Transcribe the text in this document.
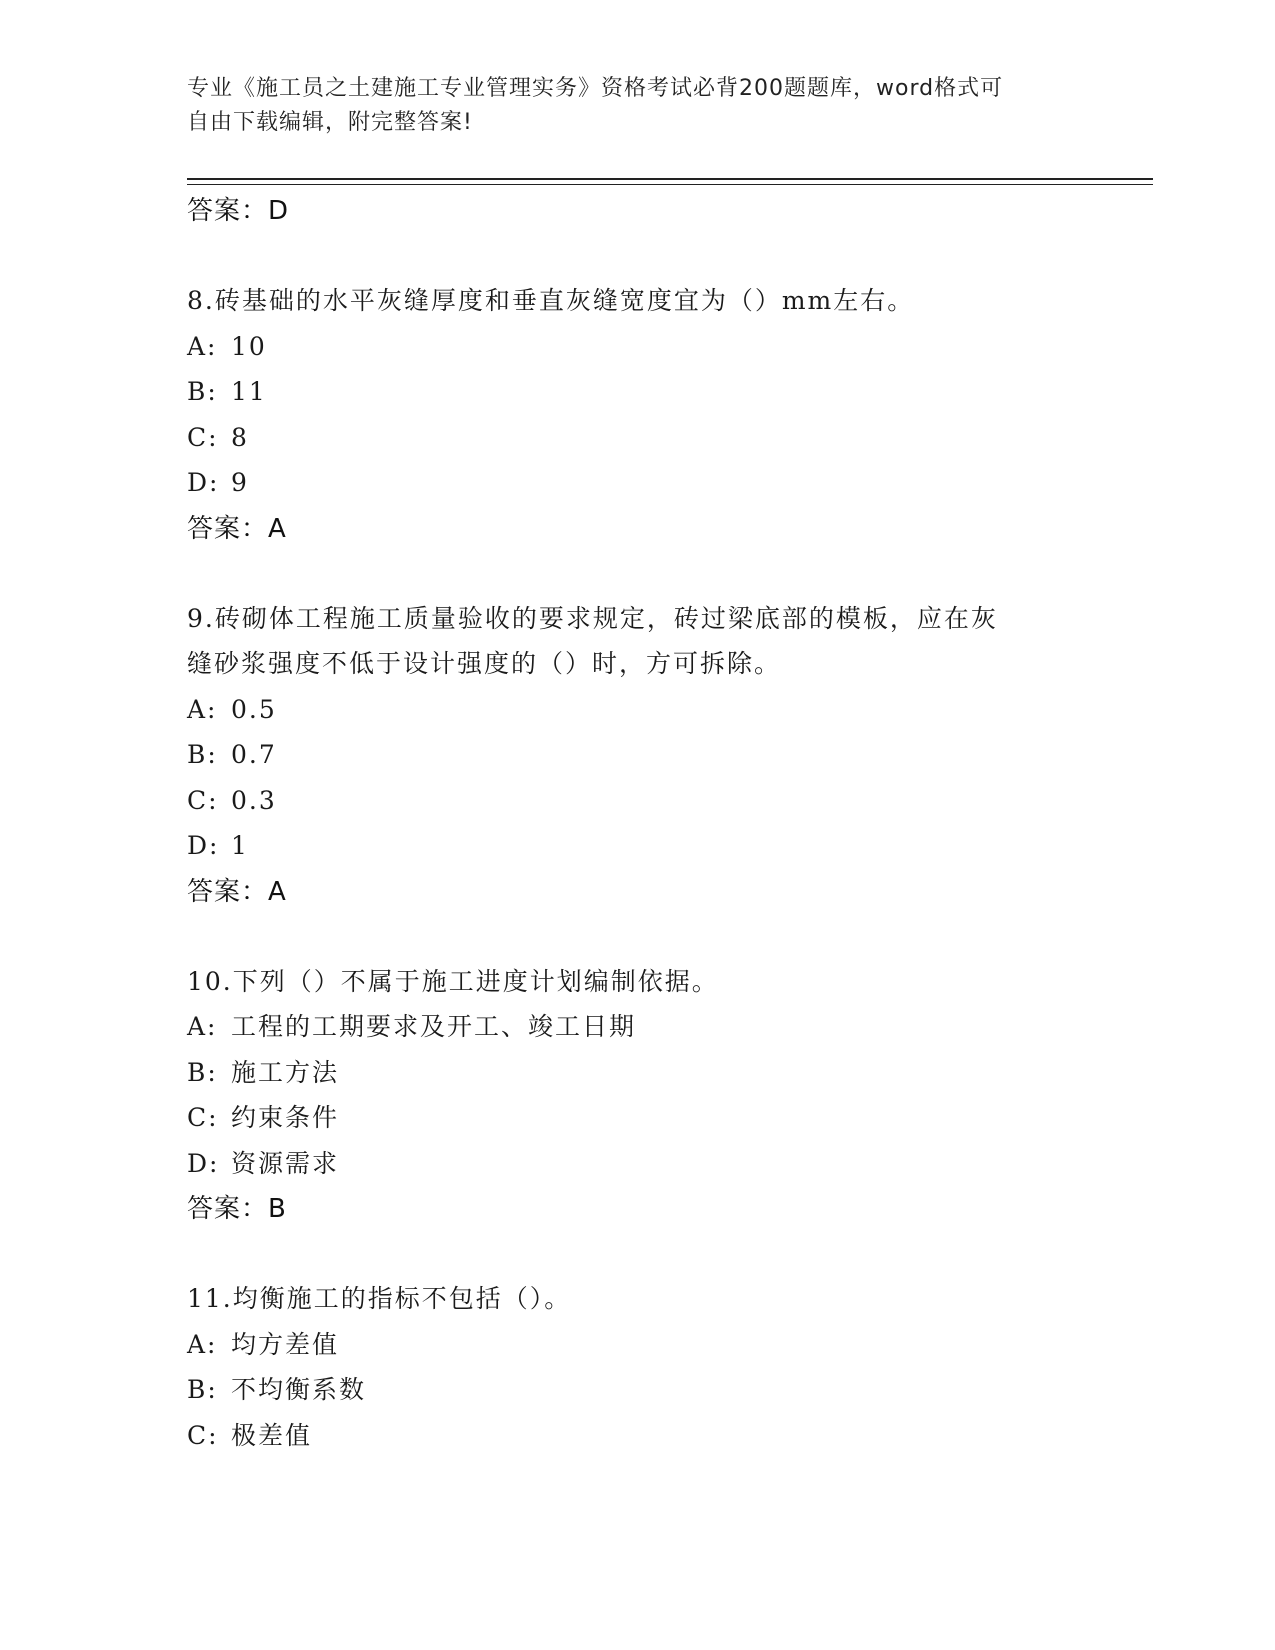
专业《施工员之土建施工专业管理实务》资格考试必背200题题库，word格式可
自由下载编辑，附完整答案!
答案：D
8.砖基础的水平灰缝厚度和垂直灰缝宽度宜为（）mm左右。
A: 10
B: 11
C: 8
D: 9
答案：A
9.砖砌体工程施工质量验收的要求规定，砖过梁底部的模板，应在灰
缝砂浆强度不低于设计强度的（）时，方可拆除。
A: 0.5
B: 0.7
C: 0.3
D: 1
答案：A
10.下列（）不属于施工进度计划编制依据。
A: 工程的工期要求及开工、竣工日期
B: 施工方法
C: 约束条件
D: 资源需求
答案：B
11.均衡施工的指标不包括（）。
A: 均方差值
B: 不均衡系数
C: 极差值
